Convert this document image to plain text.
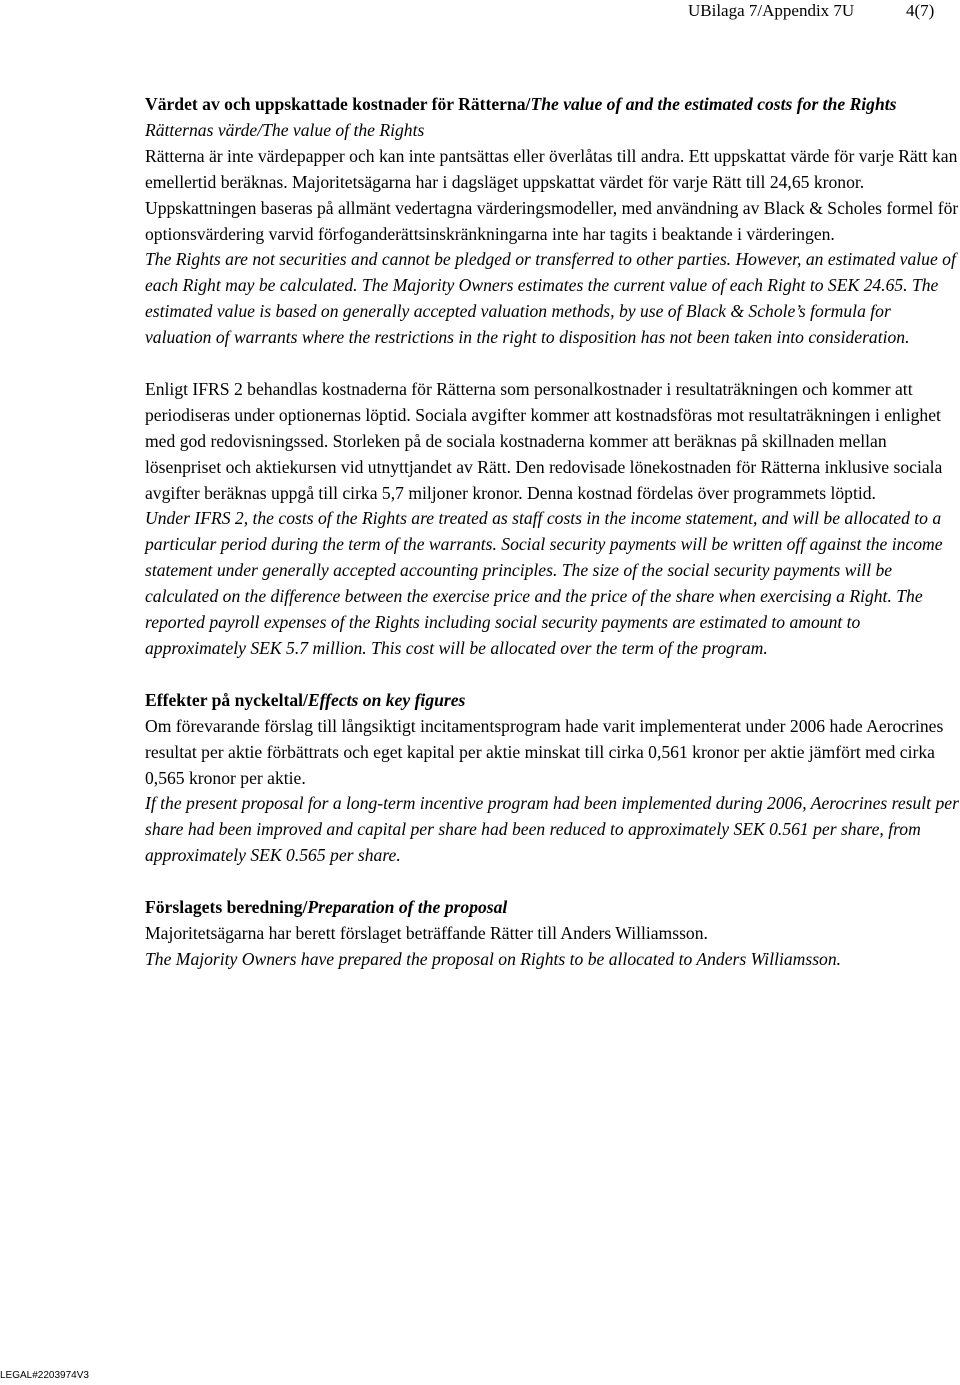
UBilaga 7/Appendix 7U	4(7)
Värdet av och uppskattade kostnader för Rätterna/The value of and the estimated costs for the Rights
Rätternas värde/The value of the Rights
Rätterna är inte värdepapper och kan inte pantsättas eller överlåtas till andra. Ett uppskattat värde för varje Rätt kan emellertid beräknas. Majoritetsägarna har i dagsläget uppskattat värdet för varje Rätt till 24,65 kronor. Uppskattningen baseras på allmänt vedertagna värderingsmodeller, med användning av Black & Scholes formel för optionsvärdering varvid förfoganderättsinskränkningarna inte har tagits i beaktande i värderingen.
The Rights are not securities and cannot be pledged or transferred to other parties. However, an estimated value of each Right may be calculated. The Majority Owners estimates the current value of each Right to SEK 24.65. The estimated value is based on generally accepted valuation methods, by use of Black & Schole’s formula for valuation of warrants where the restrictions in the right to disposition has not been taken into consideration.
Enligt IFRS 2 behandlas kostnaderna för Rätterna som personalkostnader i resultaträkningen och kommer att periodiseras under optionernas löptid. Sociala avgifter kommer att kostnadsföras mot resultaträkningen i enlighet med god redovisningssed. Storleken på de sociala kostnaderna kommer att beräknas på skillnaden mellan lösenpriset och aktiekursen vid utnyttjandet av Rätt. Den redovisade lönekostnaden för Rätterna inklusive sociala avgifter beräknas uppgå till cirka 5,7 miljoner kronor. Denna kostnad fördelas över programmets löptid.
Under IFRS 2, the costs of the Rights are treated as staff costs in the income statement, and will be allocated to a particular period during the term of the warrants. Social security payments will be written off against the income statement under generally accepted accounting principles. The size of the social security payments will be calculated on the difference between the exercise price and the price of the share when exercising a Right. The reported payroll expenses of the Rights including social security payments are estimated to amount to approximately SEK 5.7 million. This cost will be allocated over the term of the program.
Effekter på nyckeltal/Effects on key figures
Om förevarande förslag till långsiktigt incitamentsprogram hade varit implementerat under 2006 hade Aerocrines resultat per aktie förbättrats och eget kapital per aktie minskat till cirka 0,561 kronor per aktie jämfört med cirka 0,565 kronor per aktie.
If the present proposal for a long-term incentive program had been implemented during 2006, Aerocrines result per share had been improved and capital per share had been reduced to approximately SEK 0.561 per share, from approximately SEK 0.565 per share.
Förslagets beredning/Preparation of the proposal
Majoritetsägarna har berett förslaget beträffande Rätter till Anders Williamsson.
The Majority Owners have prepared the proposal on Rights to be allocated to Anders Williamsson.
LEGAL#2203974V3
